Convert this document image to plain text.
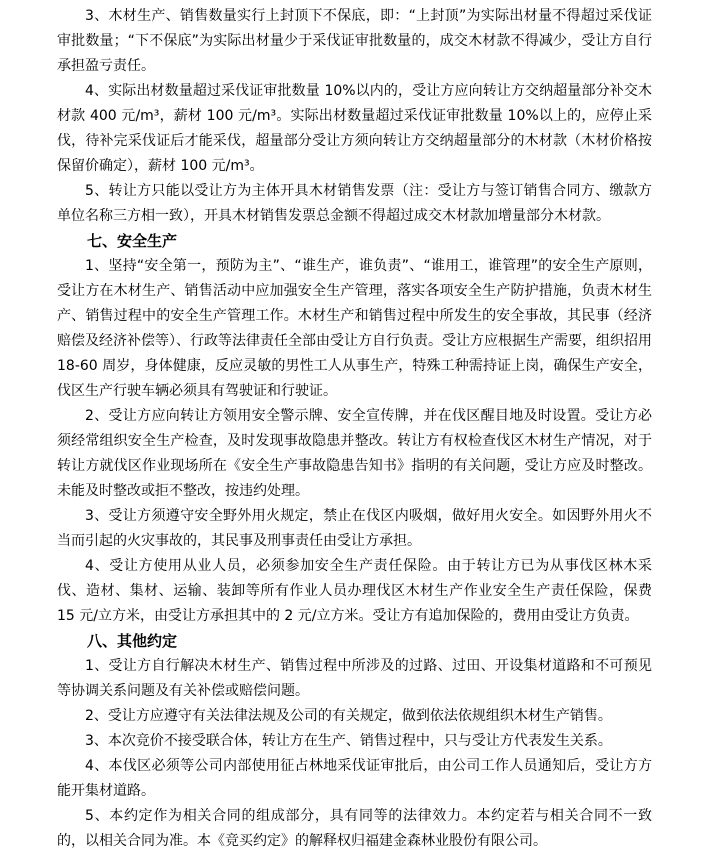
3、木材生产、销售数量实行上封顶下不保底，即：“上封顶”为实际出材量不得超过采伐证审批数量；“下不保底”为实际出材量少于采伐证审批数量的，成交木材款不得减少，受让方自行承担盈亏责任。

4、实际出材数量超过采伐证审批数量 10%以内的，受让方应向转让方交纳超量部分补交木材款 400 元/m³，薪材 100 元/m³。实际出材数量超过采伐证审批数量 10%以上的，应停止采伐，待补完采伐证后才能采伐，超量部分受让方须向转让方交纳超量部分的木材款（木材价格按保留价确定），薪材 100 元/m³。

5、转让方只能以受让方为主体开具木材销售发票（注：受让方与签订销售合同方、缴款方单位名称三方相一致），开具木材销售发票总金额不得超过成交木材款加增量部分木材款。

七、安全生产

1、坚持“安全第一，预防为主”、“谁生产，谁负责”、“谁用工，谁管理”的安全生产原则，受让方在木材生产、销售活动中应加强安全生产管理，落实各项安全生产防护措施，负责木材生产、销售过程中的安全生产管理工作。木材生产和销售过程中所发生的安全事故，其民事（经济赔偿及经济补偿等）、行政等法律责任全部由受让方自行负责。受让方应根据生产需要，组织招用 18-60 周岁，身体健康，反应灵敏的男性工人从事生产，特殊工种需持证上岗，确保生产安全，伐区生产行驶车辆必须具有驾驶证和行驶证。

2、受让方应向转让方领用安全警示牌、安全宣传牌，并在伐区醒目地及时设置。受让方必须经常组织安全生产检查，及时发现事故隐患并整改。转让方有权检查伐区木材生产情况，对于转让方就伐区作业现场所在《安全生产事故隐患告知书》指明的有关问题，受让方应及时整改。未能及时整改或拒不整改，按违约处理。

3、受让方须遵守安全野外用火规定，禁止在伐区内吸烟，做好用火安全。如因野外用火不当而引起的火灾事故的，其民事及刑事责任由受让方承担。

4、受让方使用从业人员，必须参加安全生产责任保险。由于转让方已为从事伐区林木采伐、造材、集材、运输、装卸等所有作业人员办理伐区木材生产作业安全生产责任保险，保费 15 元/立方米，由受让方承担其中的 2 元/立方米。受让方有追加保险的，费用由受让方负责。

八、其他约定

1、受让方自行解决木材生产、销售过程中所涉及的过路、过田、开设集材道路和不可预见等协调关系问题及有关补偿或赔偿问题。

2、受让方应遵守有关法律法规及公司的有关规定，做到依法依规组织木材生产销售。

3、本次竞价不接受联合体，转让方在生产、销售过程中，只与受让方代表发生关系。

4、本伐区必须等公司内部使用征占林地采伐证审批后，由公司工作人员通知后，受让方方能开集材道路。

5、本约定作为相关合同的组成部分，具有同等的法律效力。本约定若与相关合同不一致的，以相关合同为准。本《竞买约定》的解释权归福建金森林业股份有限公司。
